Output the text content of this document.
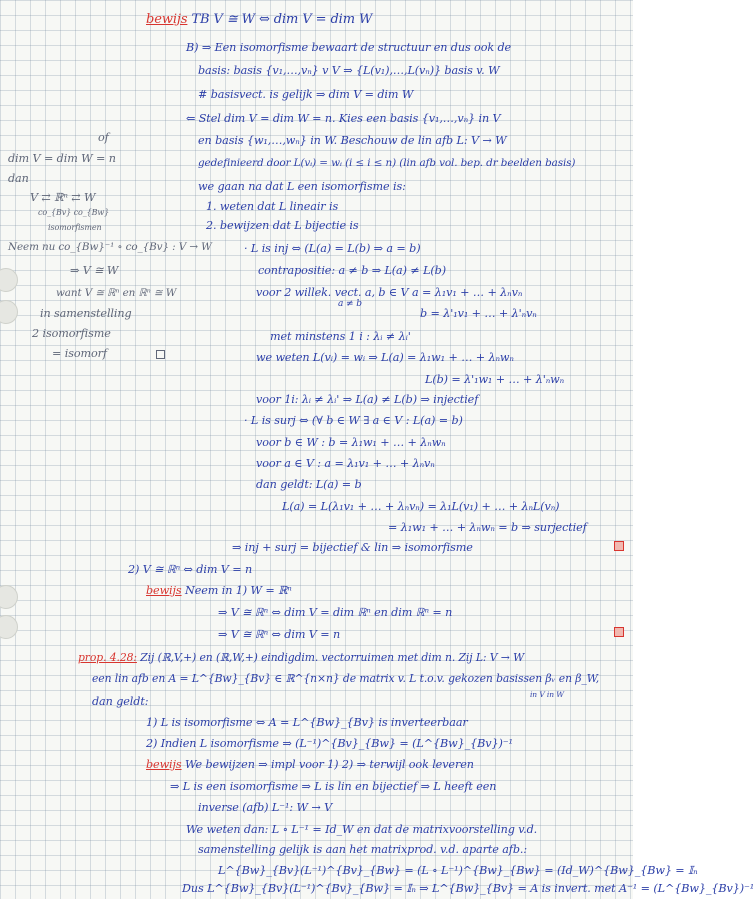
bewijs TB V ≅ W ⇔ dim V = dim W
B) ⇒ Een isomorfisme bewaart de structuur en dus ook de
basis: basis {v₁,…,vₙ} v V ⇒ {L(v₁),…,L(vₙ)} basis v. W
# basisvect. is gelijk ⇒ dim V = dim W
⇐ Stel dim V = dim W = n. Kies een basis {v₁,…,vₙ} in V
en basis {w₁,…,wₙ} in W. Beschouw de lin afb L: V → W
gedefinieerd door L(vᵢ) = wᵢ (i ≤ i ≤ n) (lin afb vol. bep. dr beelden basis)
we gaan na dat L een isomorfisme is:
1. weten dat L lineair is
2. bewijzen dat L bijectie is
· L is inj ⇔ (L(a) = L(b) ⇒ a = b)
contrapositie: a ≠ b ⇒ L(a) ≠ L(b)
voor 2 willek. vect. a, b ∈ V a = λ₁v₁ + … + λₙvₙ
a ≠ b
b = λ'₁v₁ + … + λ'ₙvₙ
met minstens 1 i : λᵢ ≠ λᵢ'
we weten L(vᵢ) = wᵢ ⇒ L(a) = λ₁w₁ + … + λₙwₙ
L(b) = λ'₁w₁ + … + λ'ₙwₙ
voor 1i: λᵢ ≠ λᵢ' ⇒ L(a) ≠ L(b) ⇒ injectief
· L is surj ⇔ (∀ b ∈ W ∃ a ∈ V : L(a) = b)
voor b ∈ W : b = λ₁w₁ + … + λₙwₙ
voor a ∈ V : a = λ₁v₁ + … + λₙvₙ
dan geldt: L(a) = b
L(a) = L(λ₁v₁ + … + λₙvₙ) = λ₁L(v₁) + … + λₙL(vₙ)
= λ₁w₁ + … + λₙwₙ = b ⇒ surjectief
⇒ inj + surj = bijectief & lin ⇒ isomorfisme
2) V ≅ ℝⁿ ⇔ dim V = n
bewijs Neem in 1) W = ℝⁿ
⇒ V ≅ ℝⁿ ⇔ dim V = dim ℝⁿ en dim ℝⁿ = n
⇒ V ≅ ℝⁿ ⇔ dim V = n
prop. 4.28: Zij (ℝ,V,+) en (ℝ,W,+) eindigdim. vectorruimen met dim n. Zij L: V → W
een lin afb en A = L^{Bw}_{Bv} ∈ ℝ^{n×n} de matrix v. L t.o.v. gekozen basissen βᵥ en β_W,
in V in W
dan geldt:
1) L is isomorfisme ⇔ A = L^{Bw}_{Bv} is inverteerbaar
2) Indien L isomorfisme ⇒ (L⁻¹)^{Bv}_{Bw} = (L^{Bw}_{Bv})⁻¹
bewijs We bewijzen ⇒ impl voor 1) 2) ⇒ terwijl ook leveren
⇒ L is een isomorfisme ⇒ L is lin en bijectief ⇒ L heeft een
inverse (afb) L⁻¹: W → V
We weten dan: L ∘ L⁻¹ = Id_W en dat de matrixvoorstelling v.d.
samenstelling gelijk is aan het matrixprod. v.d. aparte afb.:
L^{Bw}_{Bv}(L⁻¹)^{Bv}_{Bw} = (L ∘ L⁻¹)^{Bw}_{Bw} = (Id_W)^{Bw}_{Bw} = 𝕀ₙ
Dus L^{Bw}_{Bv}(L⁻¹)^{Bv}_{Bw} = 𝕀ₙ ⇒ L^{Bw}_{Bv} = A is invert. met A⁻¹ = (L^{Bw}_{Bv})⁻¹
of
dim V = dim W = n
dan
V ⇄ ℝⁿ ⇄ W
co_{Bv} co_{Bw}
isomorfismen
Neem nu co_{Bw}⁻¹ ∘ co_{Bv} : V → W
⇒ V ≅ W
want V ≅ ℝⁿ en ℝⁿ ≅ W
in samenstelling
2 isomorfisme
= isomorf
